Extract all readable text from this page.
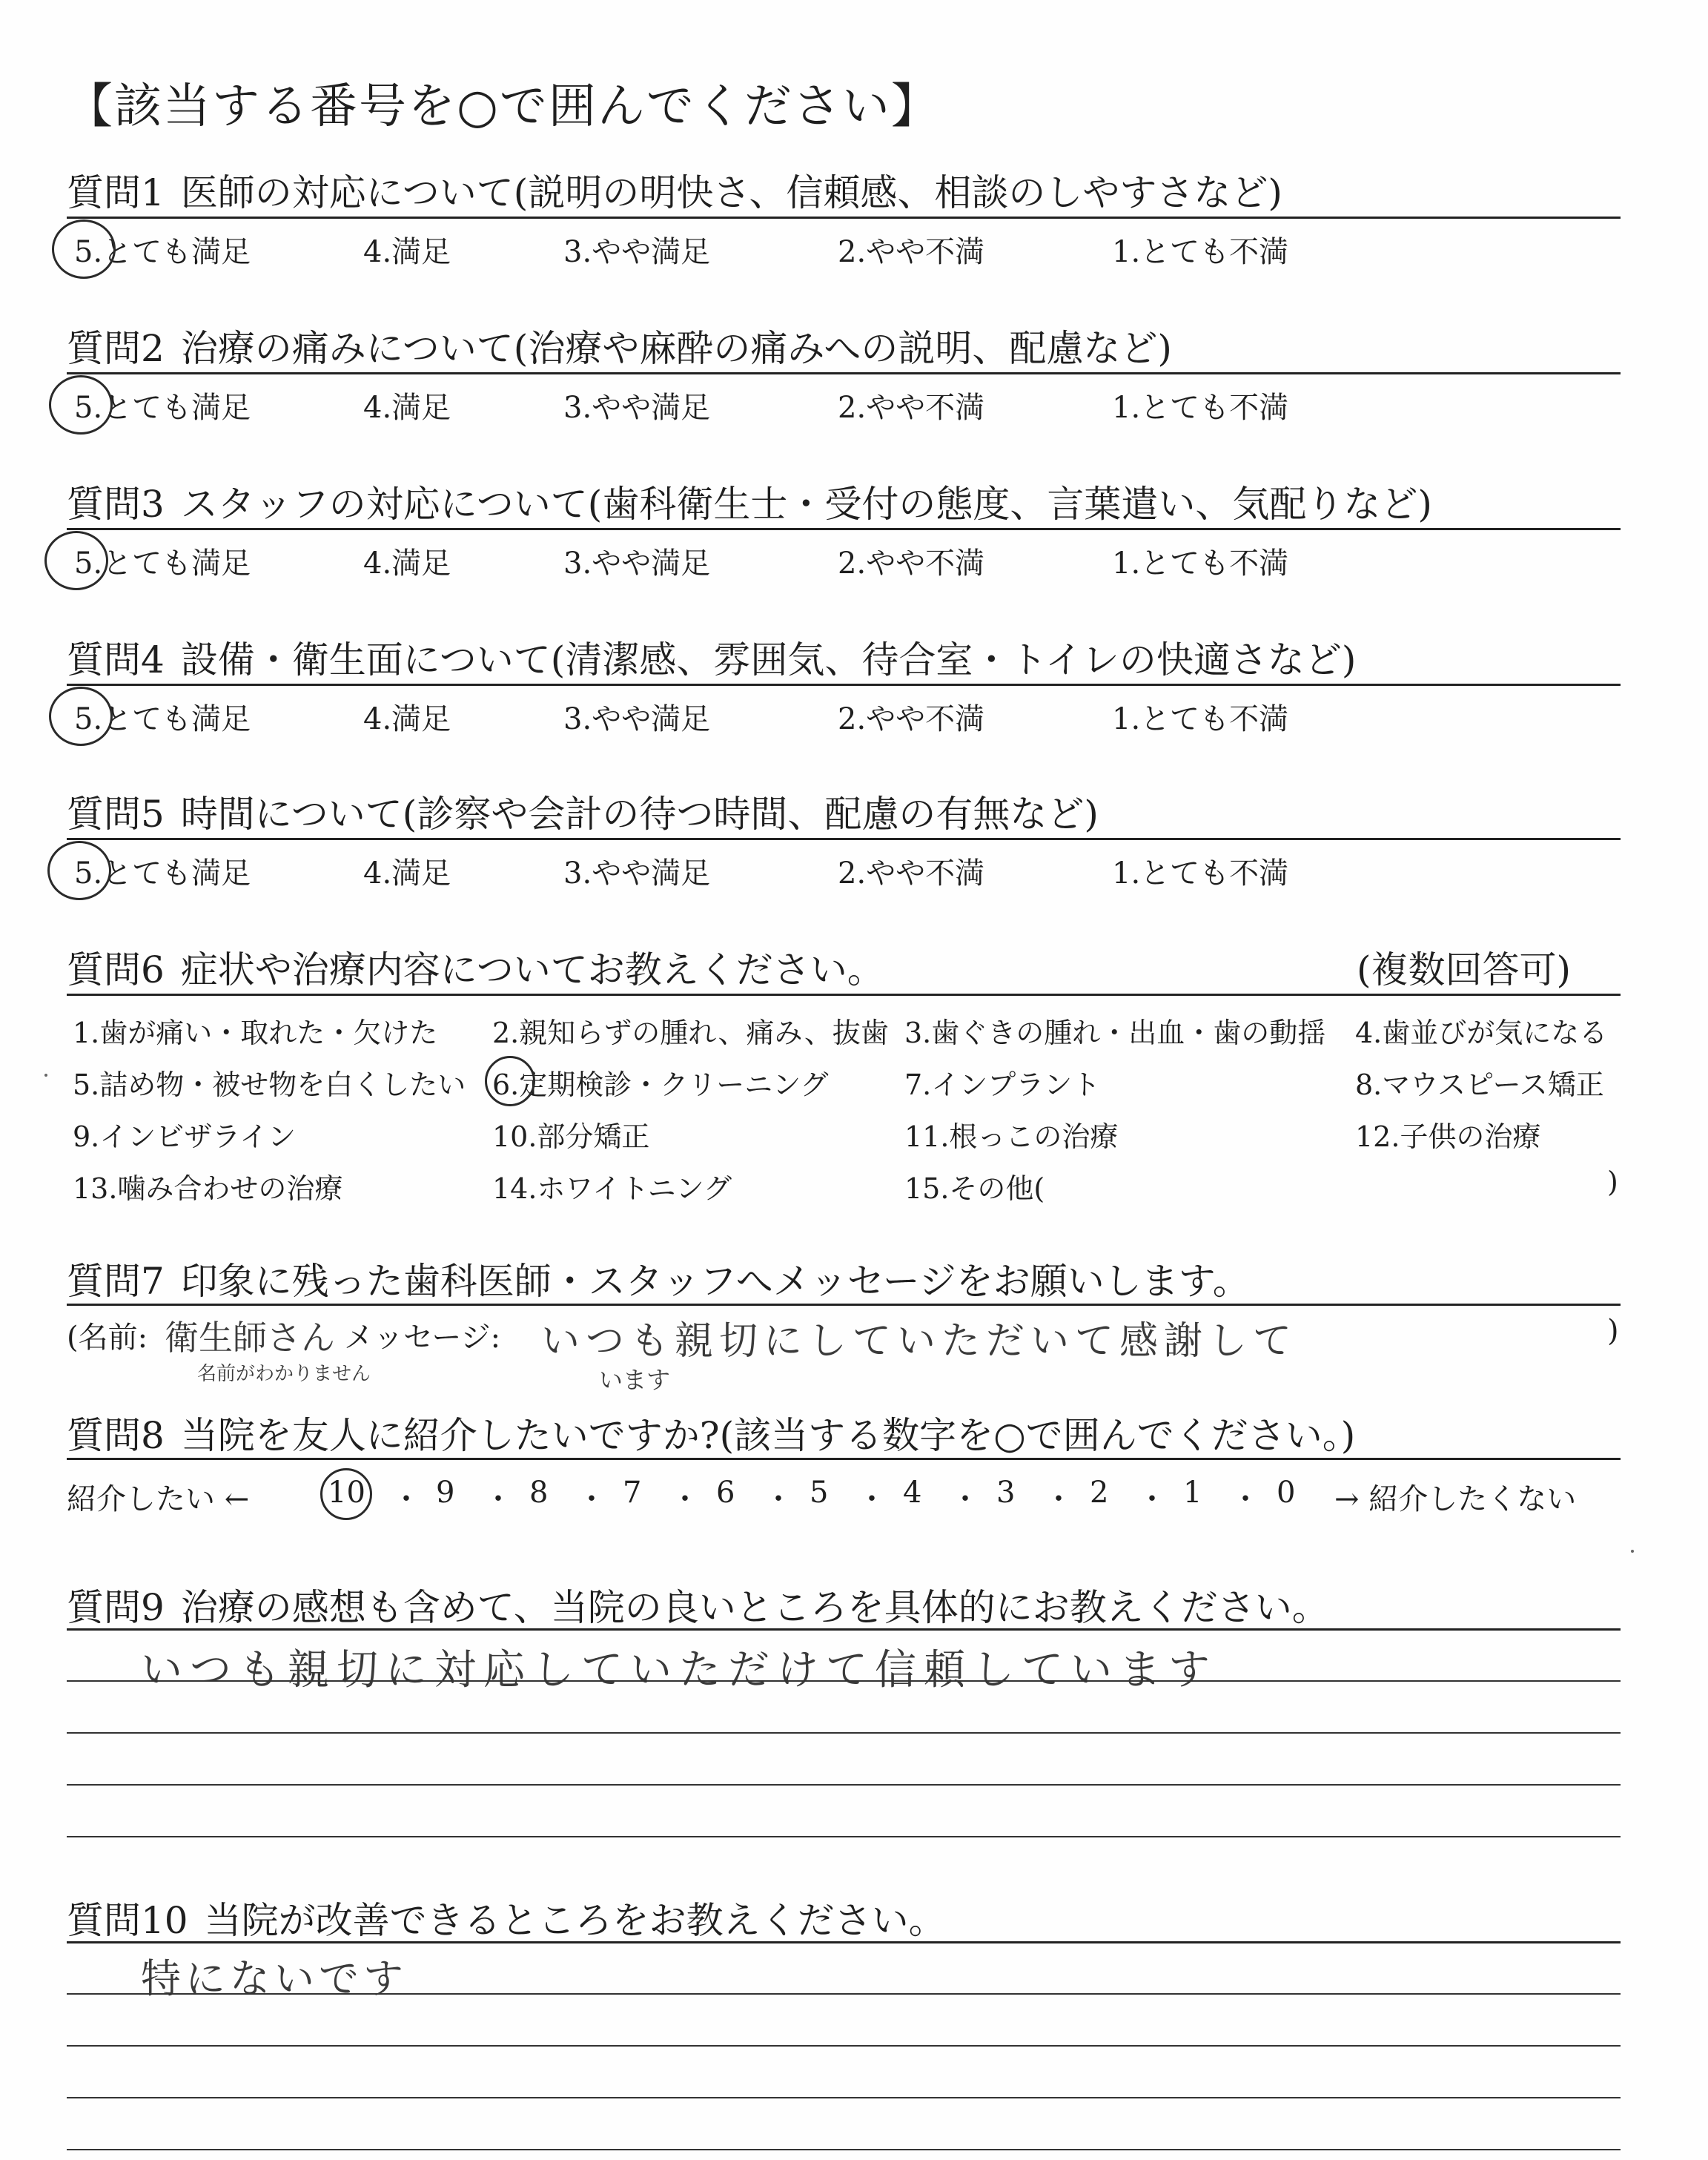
【該当する番号を○で囲んでください】
質問1 医師の対応について(説明の明快さ、信頼感、相談のしやすさなど)
5.とても満足	4.満足	3.やや満足	2.やや不満	1.とても不満
質問2 治療の痛みについて(治療や麻酔の痛みへの説明、配慮など)
5.とても満足	4.満足	3.やや満足	2.やや不満	1.とても不満
質問3 スタッフの対応について(歯科衛生士・受付の態度、言葉遣い、気配りなど)
5.とても満足	4.満足	3.やや満足	2.やや不満	1.とても不満
質問4 設備・衛生面について(清潔感、雰囲気、待合室・トイレの快適さなど)
5.とても満足	4.満足	3.やや満足	2.やや不満	1.とても不満
質問5 時間について(診察や会計の待つ時間、配慮の有無など)
5.とても満足	4.満足	3.やや満足	2.やや不満	1.とても不満
質問6 症状や治療内容についてお教えください。	(複数回答可)
1.歯が痛い・取れた・欠けた 2.親知らずの腫れ、痛み、抜歯 3.歯ぐきの腫れ・出血・歯の動揺 4.歯並びが気になる
5.詰め物・被せ物を白くしたい 6.定期検診・クリーニング	7.インプラント	8.マウスピース矯正
9.インビザライン	10.部分矯正	11.根っこの治療	12.子供の治療
13.噛み合わせの治療	14.ホワイトニング	15.その他(	)
質問7 印象に残った歯科医師・スタッフへメッセージをお願いします。
(名前: 衛生師さん メッセージ: いつも親切にしていただいて感謝して	)
名前がわかりません	います
質問8 当院を友人に紹介したいですか?(該当する数字を○で囲んでください。)
紹介したい ←	10 ・ 9 ・ 8 ・ 7 ・ 6 ・ 5 ・ 4 ・ 3 ・ 2 ・ 1 ・ 0 → 紹介したくない
質問9 治療の感想も含めて、当院の良いところを具体的にお教えください。
いつも親切に対応していただけて信頼しています
質問10 当院が改善できるところをお教えください。
特にないです
